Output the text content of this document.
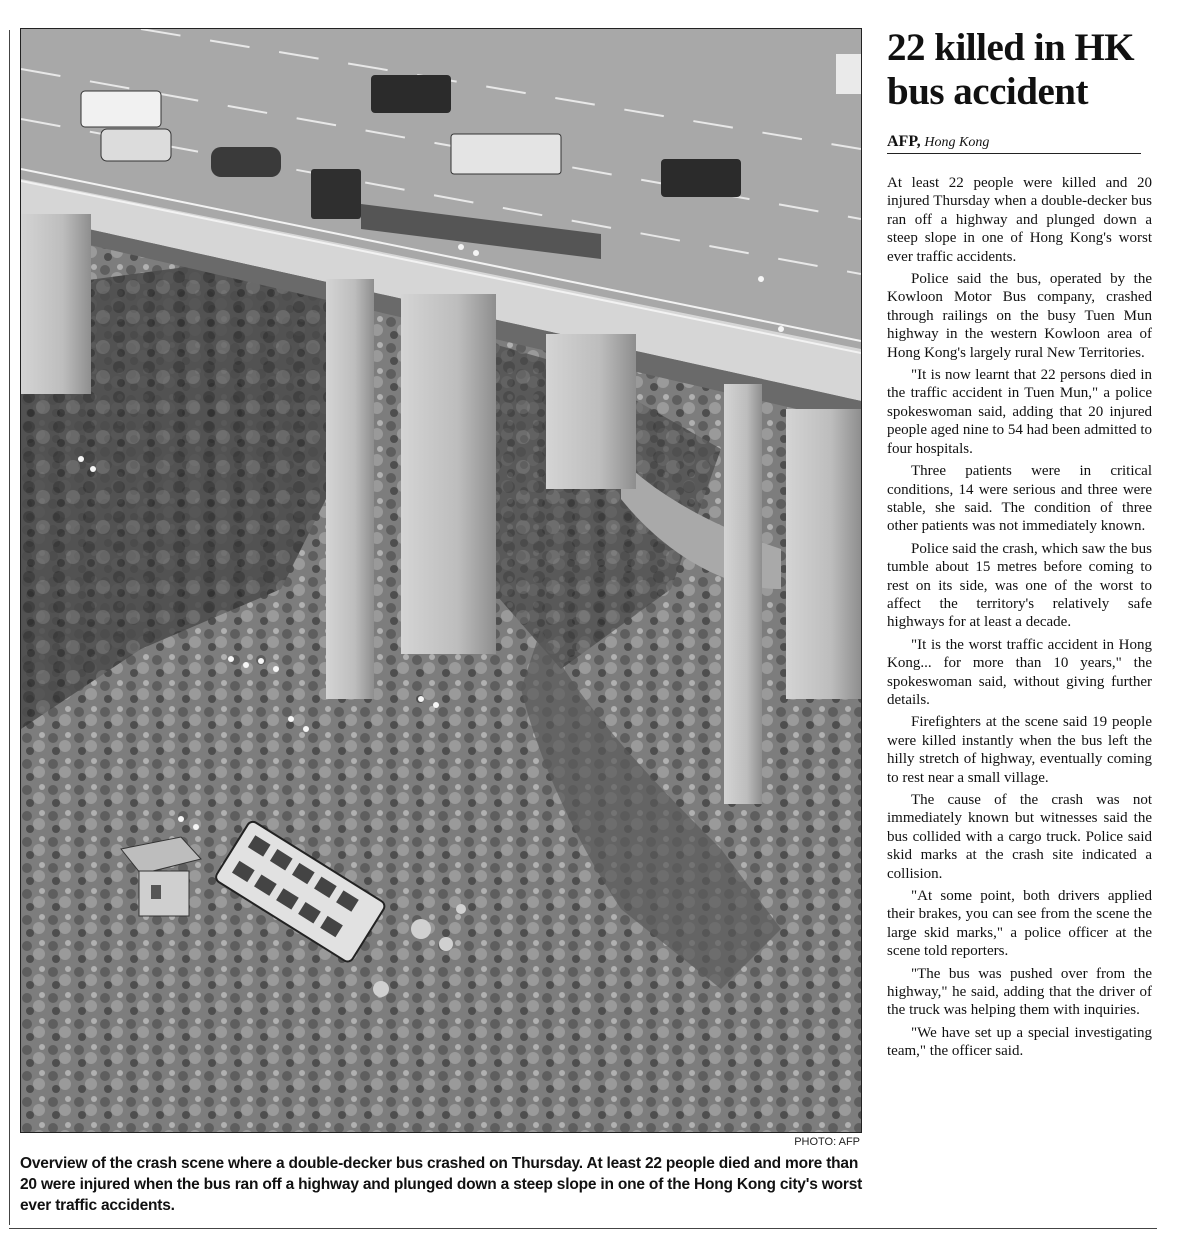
PHOTO: AFP
Overview of the crash scene where a double-decker bus crashed on Thursday. At least 22 people died and more than 20 were injured when the bus ran off a highway and plunged down a steep slope in one of the Hong Kong city's worst ever traffic accidents.
22 killed in HK bus accident
AFP, Hong Kong

At least 22 people were killed and 20 injured Thursday when a double-decker bus ran off a highway and plunged down a steep slope in one of Hong Kong's worst ever traffic accidents.

Police said the bus, operated by the Kowloon Motor Bus company, crashed through railings on the busy Tuen Mun highway in the western Kowloon area of Hong Kong's largely rural New Territories.

"It is now learnt that 22 persons died in the traffic accident in Tuen Mun," a police spokeswoman said, adding that 20 injured people aged nine to 54 had been admitted to four hospitals.

Three patients were in critical conditions, 14 were serious and three were stable, she said. The condition of three other patients was not immediately known.

Police said the crash, which saw the bus tumble about 15 metres before coming to rest on its side, was one of the worst to affect the territory's relatively safe highways for at least a decade.

"It is the worst traffic accident in Hong Kong... for more than 10 years," the spokeswoman said, without giving further details.

Firefighters at the scene said 19 people were killed instantly when the bus left the hilly stretch of highway, eventually coming to rest near a small village.

The cause of the crash was not immediately known but witnesses said the bus collided with a cargo truck. Police said skid marks at the crash site indicated a collision.

"At some point, both drivers applied their brakes, you can see from the scene the large skid marks," a police officer at the scene told reporters.

"The bus was pushed over from the highway," he said, adding that the driver of the truck was helping them with inquiries.

"We have set up a special investigating team," the officer said.
